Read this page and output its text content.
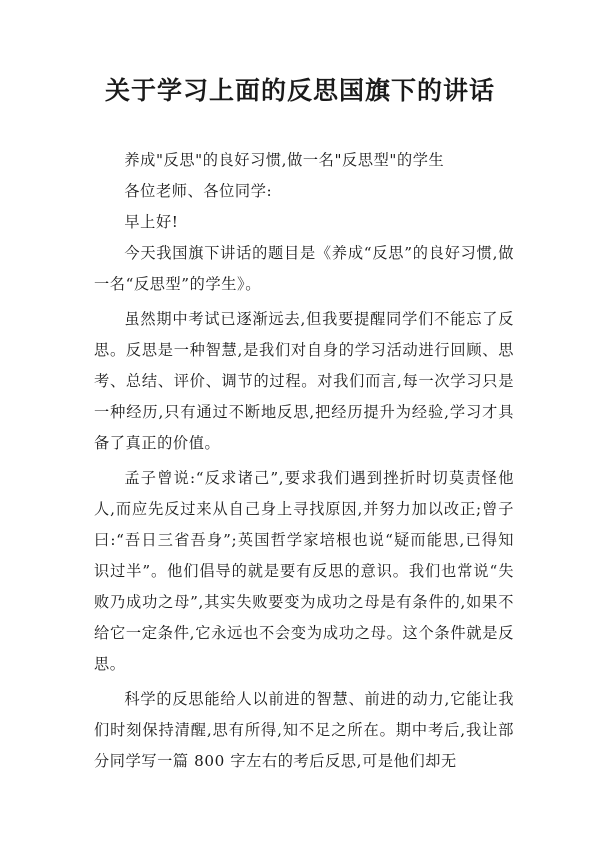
关于学习上面的反思国旗下的讲话

养成"反思"的良好习惯,做一名"反思型"的学生

各位老师、各位同学:

早上好!

今天我国旗下讲话的题目是《养成“反思”的良好习惯,做一名“反思型”的学生》。

虽然期中考试已逐渐远去,但我要提醒同学们不能忘了反思。反思是一种智慧,是我们对自身的学习活动进行回顾、思考、总结、评价、调节的过程。对我们而言,每一次学习只是一种经历,只有通过不断地反思,把经历提升为经验,学习才具备了真正的价值。

孟子曾说:“反求诸己”,要求我们遇到挫折时切莫责怪他人,而应先反过来从自己身上寻找原因,并努力加以改正;曾子曰:“吾日三省吾身”;英国哲学家培根也说“疑而能思,已得知识过半”。他们倡导的就是要有反思的意识。我们也常说“失败乃成功之母”,其实失败要变为成功之母是有条件的,如果不给它一定条件,它永远也不会变为成功之母。这个条件就是反思。

科学的反思能给人以前进的智慧、前进的动力,它能让我们时刻保持清醒,思有所得,知不足之所在。期中考后,我让部分同学写一篇 800 字左右的考后反思,可是他们却无
